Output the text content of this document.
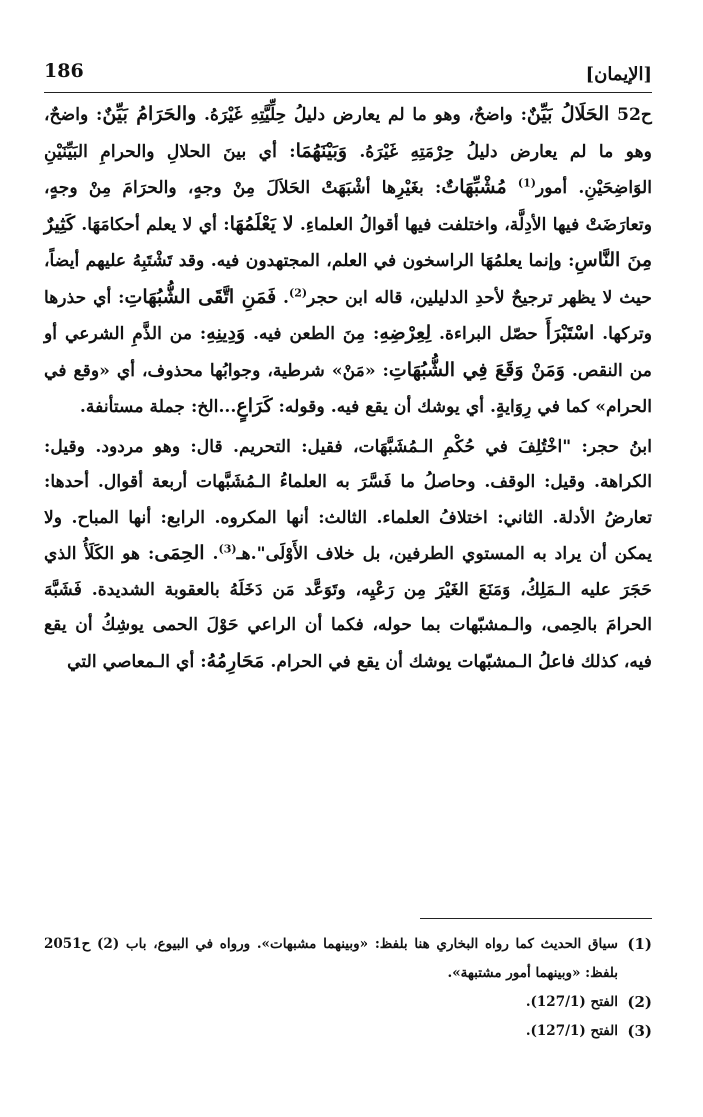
186	[الإيمان]

ح52 الحَلَالُ بَيِّنٌ: واضحٌ، وهو ما لم يعارض دليلُ حِلِّيَّتِهِ غَيْرَهُ. والحَرَامُ بَيِّنٌ: واضحٌ، وهو ما لم يعارض دليلُ حِرْمَتِهِ غَيْرَهُ. وَبَيْنَهُمَا: أي بينَ الحلالِ والحرامِ البَيِّنَيْنِ الوَاضِحَيْنِ. أمور$^{(1)}$ مُشْبِّهَاتٌ: بغَيْرِها أشْبَهَتْ الحَلاَلَ مِنْ وجهٍ، والحرَامَ مِنْ وجهٍ، وتعارَضَتْ فيها الأدِلَّة، واختلفت فيها أقوالُ العلماءِ. لا يَعْلَمُهَا: أي لا يعلم أحكامَهَا. كَثِيرٌ مِنَ النَّاسِ: وإنما يعلمُهَا الراسخون في العلم، المجتهدون فيه. وقد تَشْتَبِهُ عليهم أيضاً، حيث لا يظهر ترجيحٌ لأحدِ الدليلين، قاله ابن حجر$^{(2)}$. فَمَنِ اتَّقَى الشُّبُهَاتِ: أي حذرها وتركها. اسْتَبْرَأَ حصّل البراءة. لِعِرْضِهِ: مِنَ الطعن فيه. وَدِينِهِ: من الذَّمِ الشرعي أو من النقص. وَمَنْ وَقَعَ فِي الشُّبُهَاتِ: «مَنْ» شرطية، وجوابُها محذوف، أي «وقع في الحرام» كما في رِوَايةٍ. أي يوشك أن يقع فيه. وقوله: كَرَاعٍ...الخ: جملة مستأنفة.

ابنُ حجر: "اخْتُلِفَ في حُكْمِ الـمُشَبَّهَات، فقيل: التحريم. قال: وهو مردود. وقيل: الكراهة. وقيل: الوقف. وحاصلُ ما فَسَّرَ به العلماءُ الـمُشَبَّهات أربعة أقوال. أحدها: تعارضُ الأدلة. الثاني: اختلافُ العلماء. الثالث: أنها المكروه. الرابع: أنها المباح. ولا يمكن أن يراد به المستوي الطرفين، بل خلاف الأَوْلَى".هـ$^{(3)}$. الحِمَى: هو الكَلَأُ الذي حَجَرَ عليه الـمَلِكُ، وَمَنَعَ الغَيْرَ مِن رَعْيِه، وتَوَعَّد مَن دَخَلَهُ بالعقوبة الشديدة. فَشَبَّهَ الحرامَ بالحِمى، والـمشبّهات بما حوله، فكما أن الراعي حَوْلَ الحمى يوشِكُ أن يقع فيه، كذلك فاعلُ الـمشبّهات يوشك أن يقع في الحرام. مَحَارِمُهُ: أي الـمعاصي التي

(1)
سياق الحديث كما رواه البخاري هنا بلفظ: «وبينهما مشبهات». ورواه في البيوع، باب (2) ح2051 بلفظ: «وبينهما أمور مشتبهة».
(2)
الفتح (127/1).
(3)
الفتح (127/1).
